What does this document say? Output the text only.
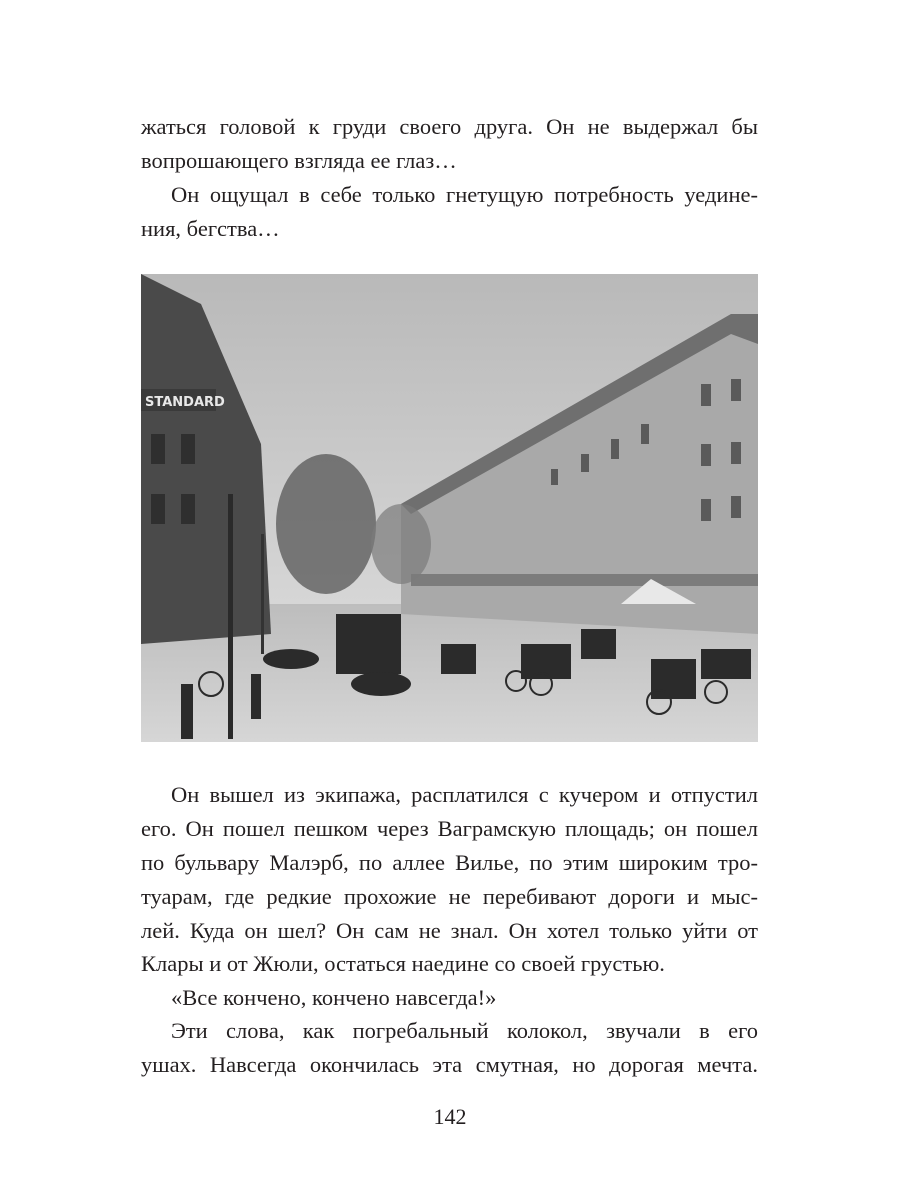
жаться головой к груди своего друга. Он не выдержал бы
вопрошающего взгляда ее глаз…
Он ощущал в себе только гнетущую потребность уедине-
ния, бегства…
STANDARD
Он вышел из экипажа, расплатился с кучером и отпустил
его. Он пошел пешком через Ваграмскую площадь; он пошел
по бульвару Малэрб, по аллее Вилье, по этим широким тро-
туарам, где редкие прохожие не перебивают дороги и мыс-
лей. Куда он шел? Он сам не знал. Он хотел только уйти от
Клары и от Жюли, остаться наедине со своей грустью.
«Все кончено, кончено навсегда!»
Эти слова, как погребальный колокол, звучали в его
ушах. Навсегда окончилась эта смутная, но дорогая мечта.
142
